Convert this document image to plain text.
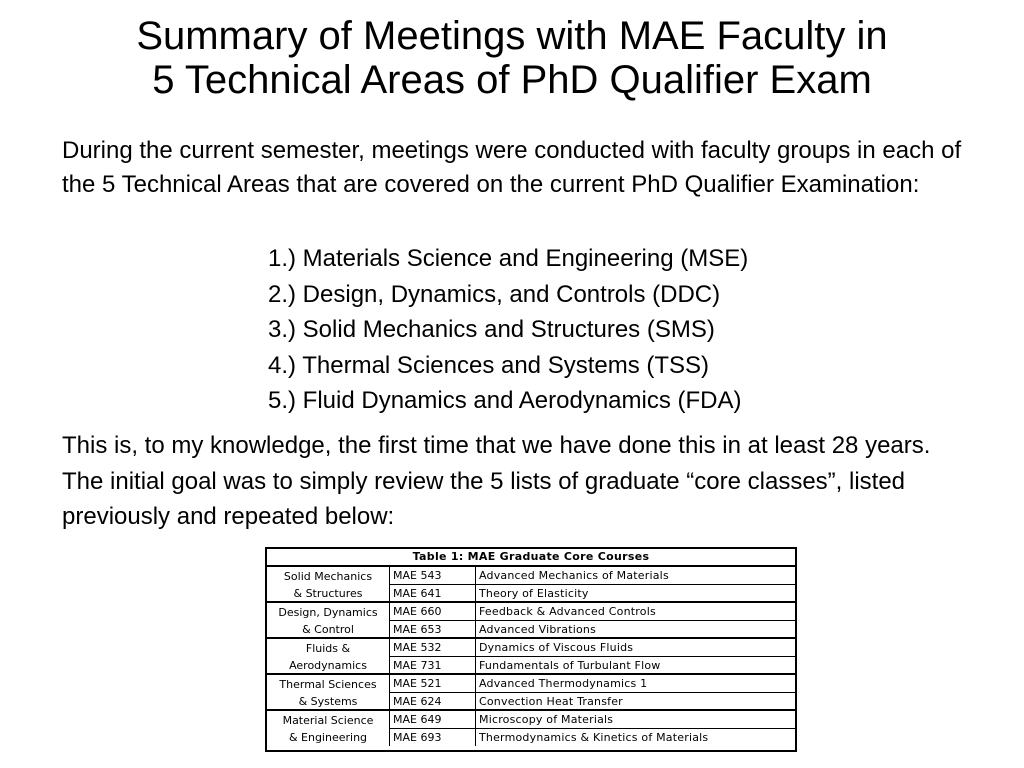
Summary of Meetings with MAE Faculty in
5 Technical Areas of PhD Qualifier Exam
During the current semester, meetings were conducted with faculty groups in each of the 5 Technical Areas that are covered on the current PhD Qualifier Examination:
1.) Materials Science and Engineering (MSE)
2.) Design, Dynamics, and Controls (DDC)
3.) Solid Mechanics and Structures (SMS)
4.) Thermal Sciences and Systems (TSS)
5.) Fluid Dynamics and Aerodynamics (FDA)
This is, to my knowledge, the first time that we have done this in at least 28 years. The initial goal was to simply review the 5 lists of graduate “core classes”, listed previously and repeated below:
Table 1: MAE Graduate Core Courses
Solid Mechanics
& Structures
MAE 543	Advanced Mechanics of Materials
MAE 641	Theory of Elasticity
Design, Dynamics
& Control
MAE 660	Feedback & Advanced Controls
MAE 653	Advanced Vibrations
Fluids &
Aerodynamics
MAE 532	Dynamics of Viscous Fluids
MAE 731	Fundamentals of Turbulant Flow
Thermal Sciences
& Systems
MAE 521	Advanced Thermodynamics 1
MAE 624	Convection Heat Transfer
Material Science
& Engineering
MAE 649	Microscopy of Materials
MAE 693	Thermodynamics & Kinetics of Materials
